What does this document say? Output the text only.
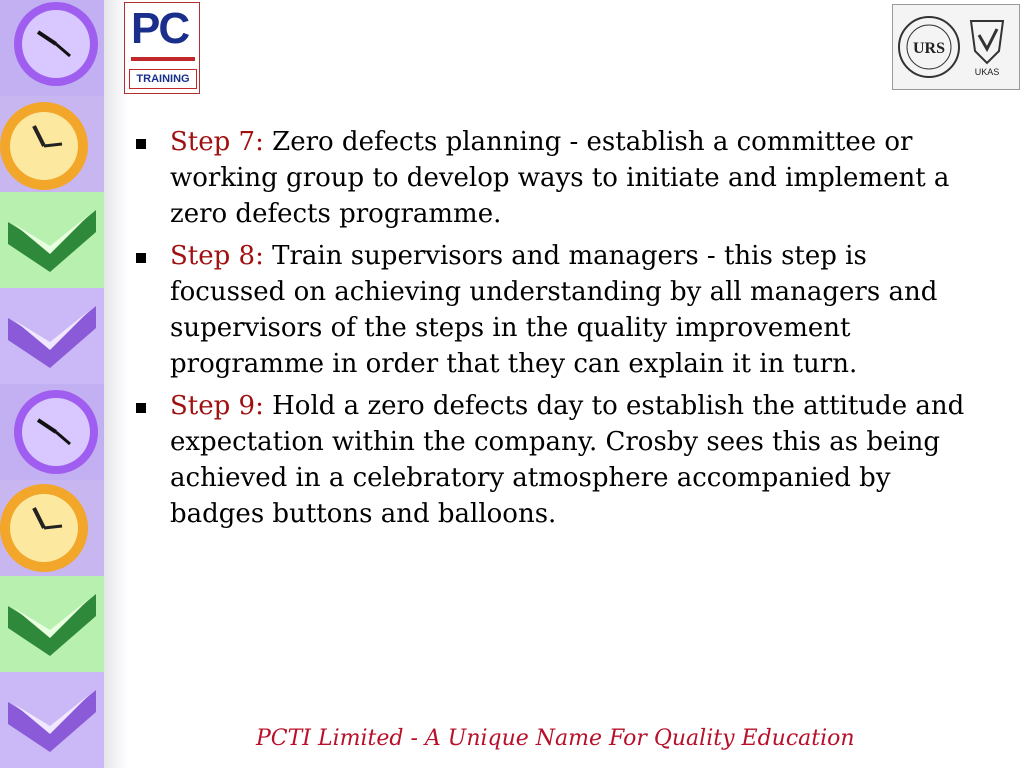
PC
TRAINING
URS
UKAS
Step 7: Zero defects planning - establish a committee or working group to develop ways to initiate and implement a zero defects programme.
Step 8: Train supervisors and managers - this step is focussed on achieving understanding by all managers and supervisors of the steps in the quality improvement programme in order that they can explain it in turn.
Step 9: Hold a zero defects day to establish the attitude and expectation within the company. Crosby sees this as being achieved in a celebratory atmosphere accompanied by badges buttons and balloons.
PCTI Limited - A Unique Name For Quality Education
